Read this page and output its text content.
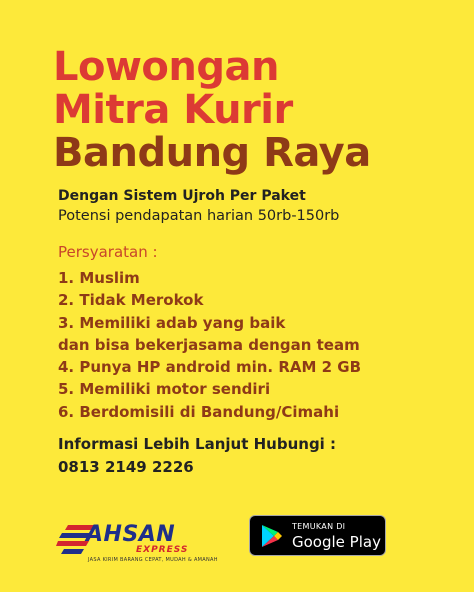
Lowongan
Mitra Kurir
Bandung Raya
Dengan Sistem Ujroh Per Paket
Potensi pendapatan harian 50rb-150rb
Persyaratan :
1. Muslim
2. Tidak Merokok
3. Memiliki adab yang baik
dan bisa bekerjasama dengan team
4. Punya HP android min. RAM 2 GB
5. Memiliki motor sendiri
6. Berdomisili di Bandung/Cimahi
Informasi Lebih Lanjut Hubungi :
0813 2149 2226
AHSAN
EXPRESS
JASA KIRIM BARANG CEPAT, MUDAH & AMANAH
TEMUKAN DI
Google Play
